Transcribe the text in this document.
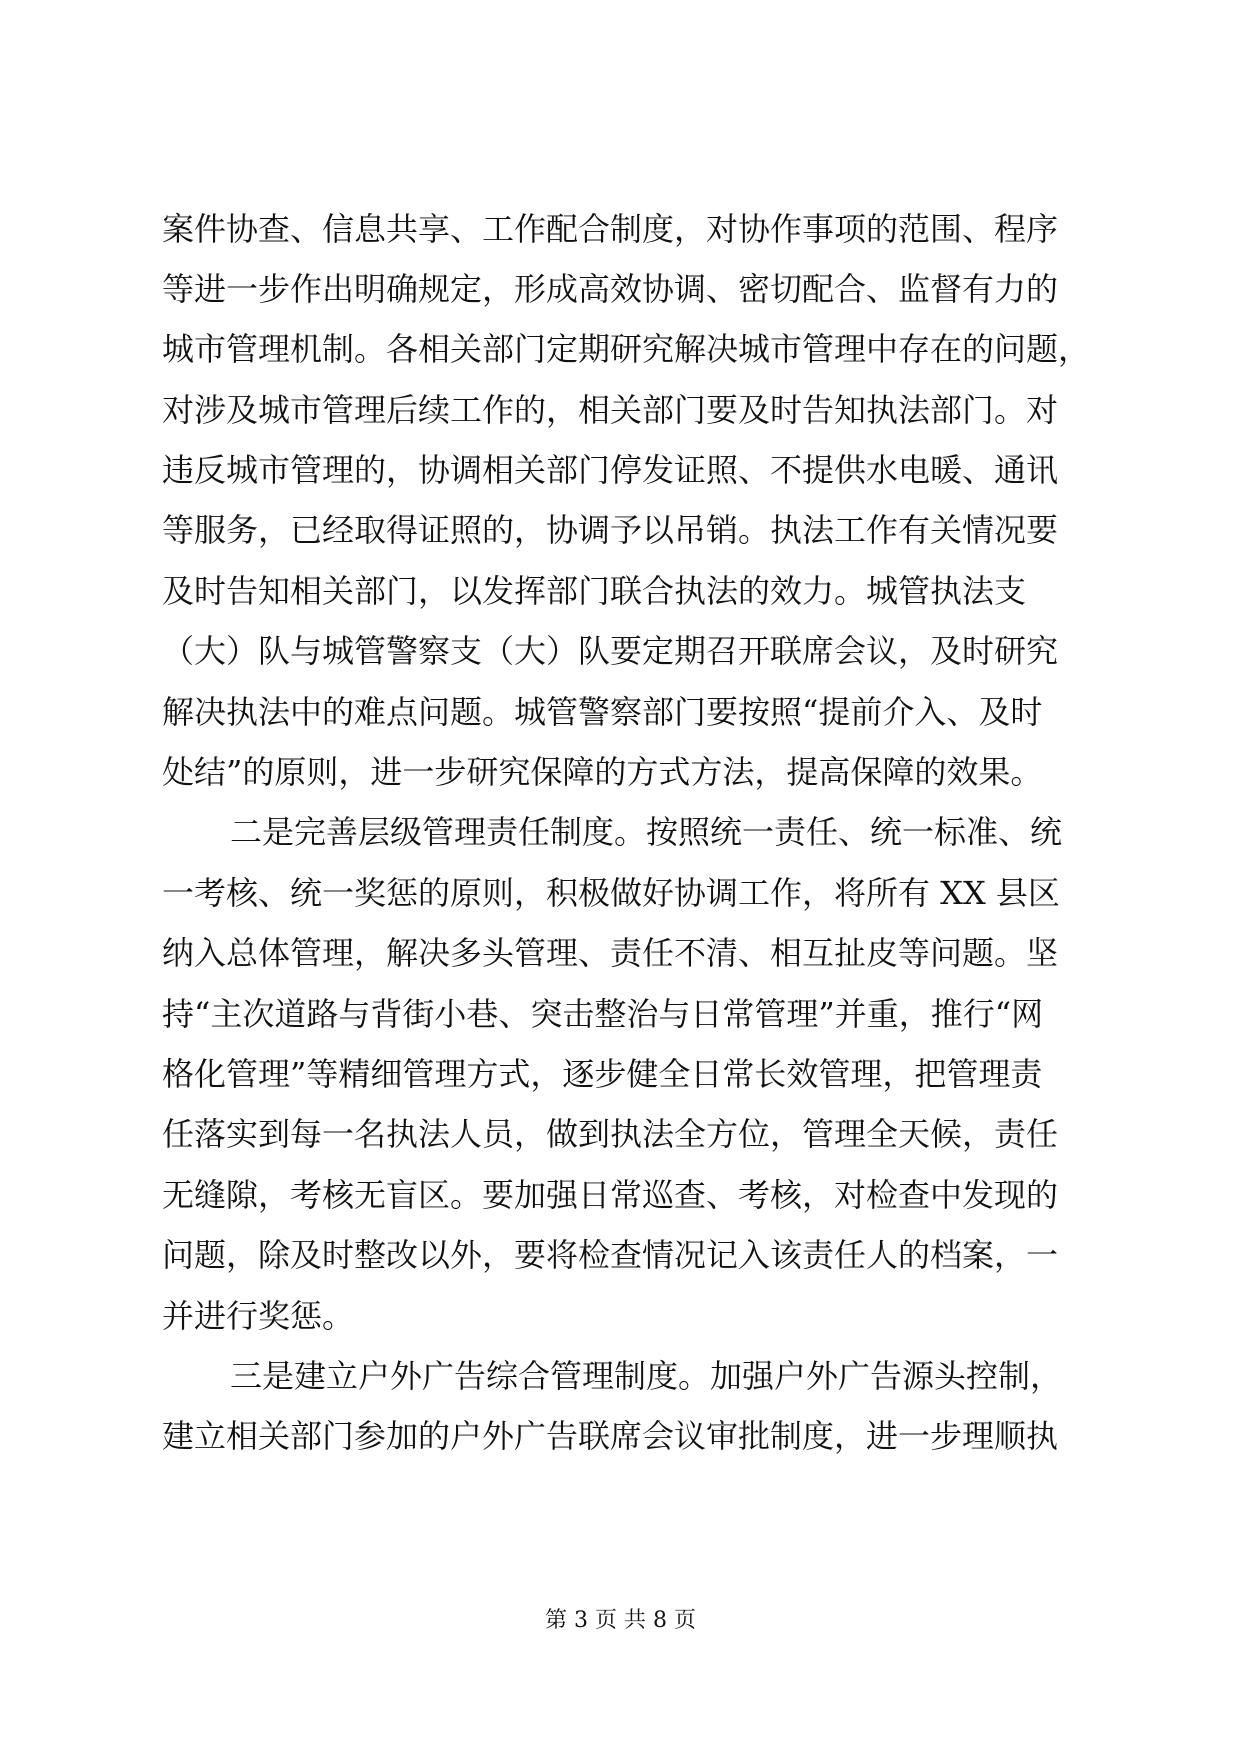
案件协查、信息共享、工作配合制度，对协作事项的范围、程序
等进一步作出明确规定，形成高效协调、密切配合、监督有力的
城市管理机制。各相关部门定期研究解决城市管理中存在的问题，
对涉及城市管理后续工作的，相关部门要及时告知执法部门。对
违反城市管理的，协调相关部门停发证照、不提供水电暖、通讯
等服务，已经取得证照的，协调予以吊销。执法工作有关情况要
及时告知相关部门，以发挥部门联合执法的效力。城管执法支
（大）队与城管警察支（大）队要定期召开联席会议，及时研究
解决执法中的难点问题。城管警察部门要按照“提前介入、及时
处结”的原则，进一步研究保障的方式方法，提高保障的效果。
二是完善层级管理责任制度。按照统一责任、统一标准、统
一考核、统一奖惩的原则，积极做好协调工作，将所有 XX 县区
纳入总体管理，解决多头管理、责任不清、相互扯皮等问题。坚
持“主次道路与背街小巷、突击整治与日常管理”并重，推行“网
格化管理”等精细管理方式，逐步健全日常长效管理，把管理责
任落实到每一名执法人员，做到执法全方位，管理全天候，责任
无缝隙，考核无盲区。要加强日常巡查、考核，对检查中发现的
问题，除及时整改以外，要将检查情况记入该责任人的档案，一
并进行奖惩。
三是建立户外广告综合管理制度。加强户外广告源头控制，
建立相关部门参加的户外广告联席会议审批制度，进一步理顺执
第 3 页 共 8 页
